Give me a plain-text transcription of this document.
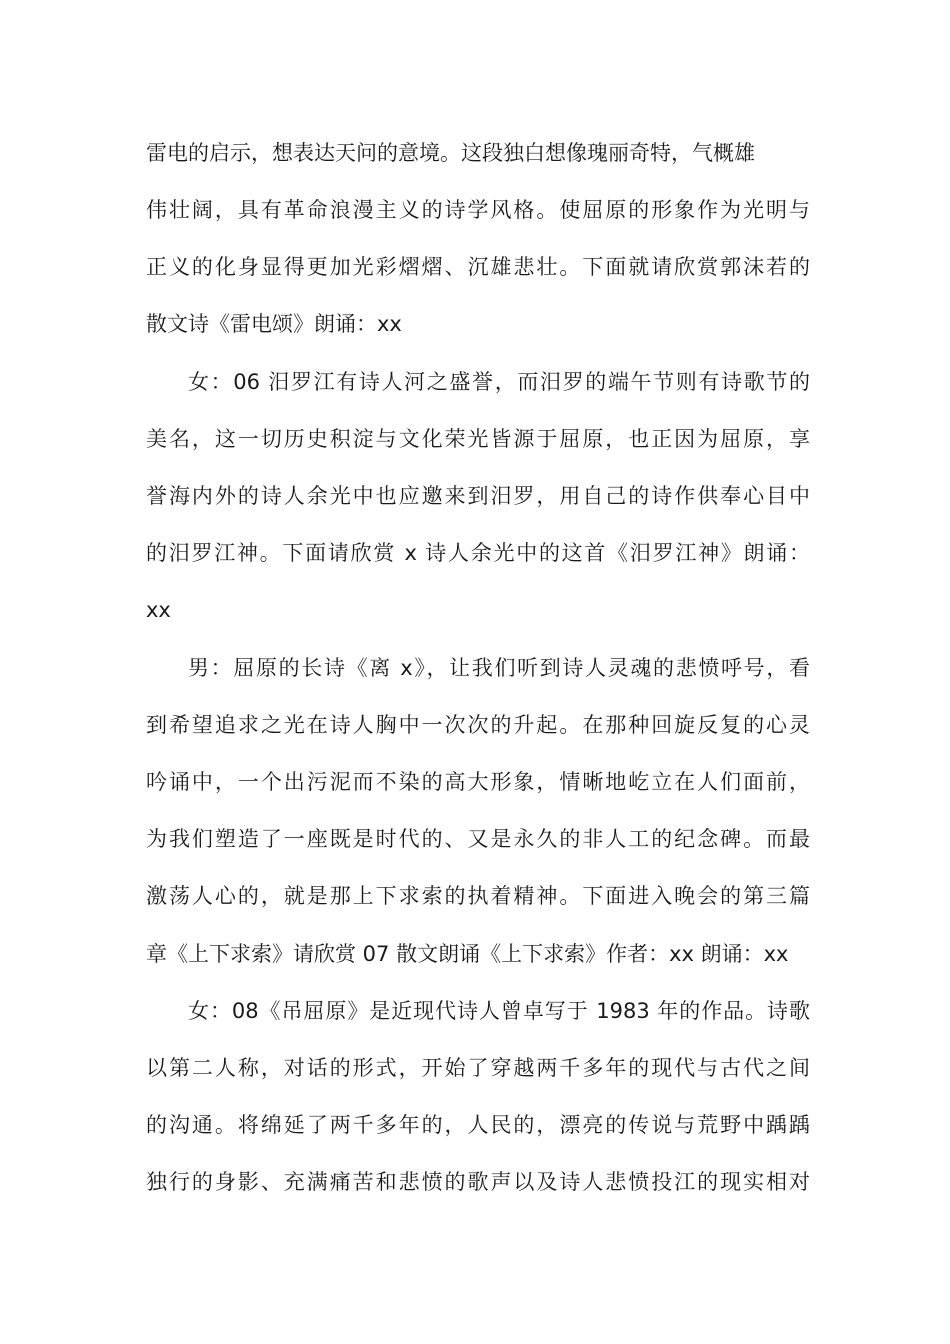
雷电的启示，想表达天问的意境。这段独白想像瑰丽奇特，气概雄
伟壮阔，具有革命浪漫主义的诗学风格。使屈原的形象作为光明与
正义的化身显得更加光彩熠熠、沉雄悲壮。下面就请欣赏郭沫若的
散文诗《雷电颂》朗诵：xx
女：06 汨罗江有诗人河之盛誉，而汨罗的端午节则有诗歌节的
美名，这一切历史积淀与文化荣光皆源于屈原，也正因为屈原，享
誉海内外的诗人余光中也应邀来到汨罗，用自己的诗作供奉心目中
的汨罗江神。下面请欣赏 x 诗人余光中的这首《汨罗江神》朗诵：
xx
男：屈原的长诗《离 x》，让我们听到诗人灵魂的悲愤呼号，看
到希望追求之光在诗人胸中一次次的升起。在那种回旋反复的心灵
吟诵中，一个出污泥而不染的高大形象，情晰地屹立在人们面前，
为我们塑造了一座既是时代的、又是永久的非人工的纪念碑。而最
激荡人心的，就是那上下求索的执着精神。下面进入晚会的第三篇
章《上下求索》请欣赏 07 散文朗诵《上下求索》作者：xx 朗诵：xx
女：08《吊屈原》是近现代诗人曾卓写于 1983 年的作品。诗歌
以第二人称，对话的形式，开始了穿越两千多年的现代与古代之间
的沟通。将绵延了两千多年的，人民的，漂亮的传说与荒野中踽踽
独行的身影、充满痛苦和悲愤的歌声以及诗人悲愤投江的现实相对
